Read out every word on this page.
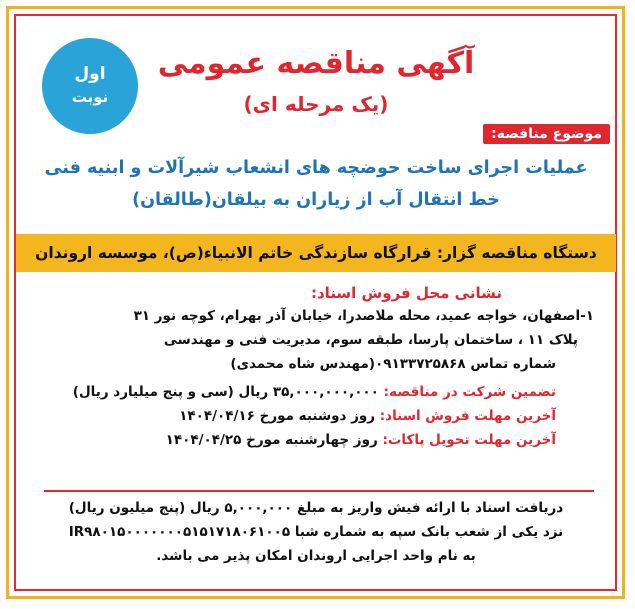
آگهی مناقصه عمومی
(یک مرحله ای)
اول
نوبت
موضوع مناقصه:
عملیات اجرای ساخت حوضچه های انشعاب شیرآلات و ابنیه فنی
خط انتقال آب از زیاران به بیلقان(طالقان)
دستگاه مناقصه گزار: قرارگاه سازندگی خاتم الانبیاء(ص)، موسسه اروندان
نشانی محل فروش اسناد:
۱-اصفهان، خواجه عمید، محله ملاصدرا، خیابان آذر بهرام، کوچه نور ۳۱
پلاک ۱۱ ، ساختمان پارسا، طبقه سوم، مدیریت فنی و مهندسی
شماره تماس ۰۹۱۳۳۷۲۵۸۶۸(مهندس شاه محمدی)
تضمین شرکت در مناقصه: ۳۵,۰۰۰,۰۰۰,۰۰۰ ریال (سی و پنج میلیارد ریال)
آخرین مهلت فروش اسناد: روز دوشنبه مورخ ۱۴۰۴/۰۴/۱۶
آخرین مهلت تحویل پاکات: روز چهارشنبه مورخ ۱۴۰۴/۰۴/۲۵
دریافت اسناد با ارائه فیش واریز به مبلغ ۵,۰۰۰,۰۰۰ ریال (پنج میلیون ریال)
نزد یکی از شعب بانک سپه به شماره شبا IR۹۸۰۱۵۰۰۰۰۰۰۰۵۱۵۱۷۱۸۰۶۱۰۰۵
به نام واحد اجرایی اروندان امکان پذیر می باشد.
